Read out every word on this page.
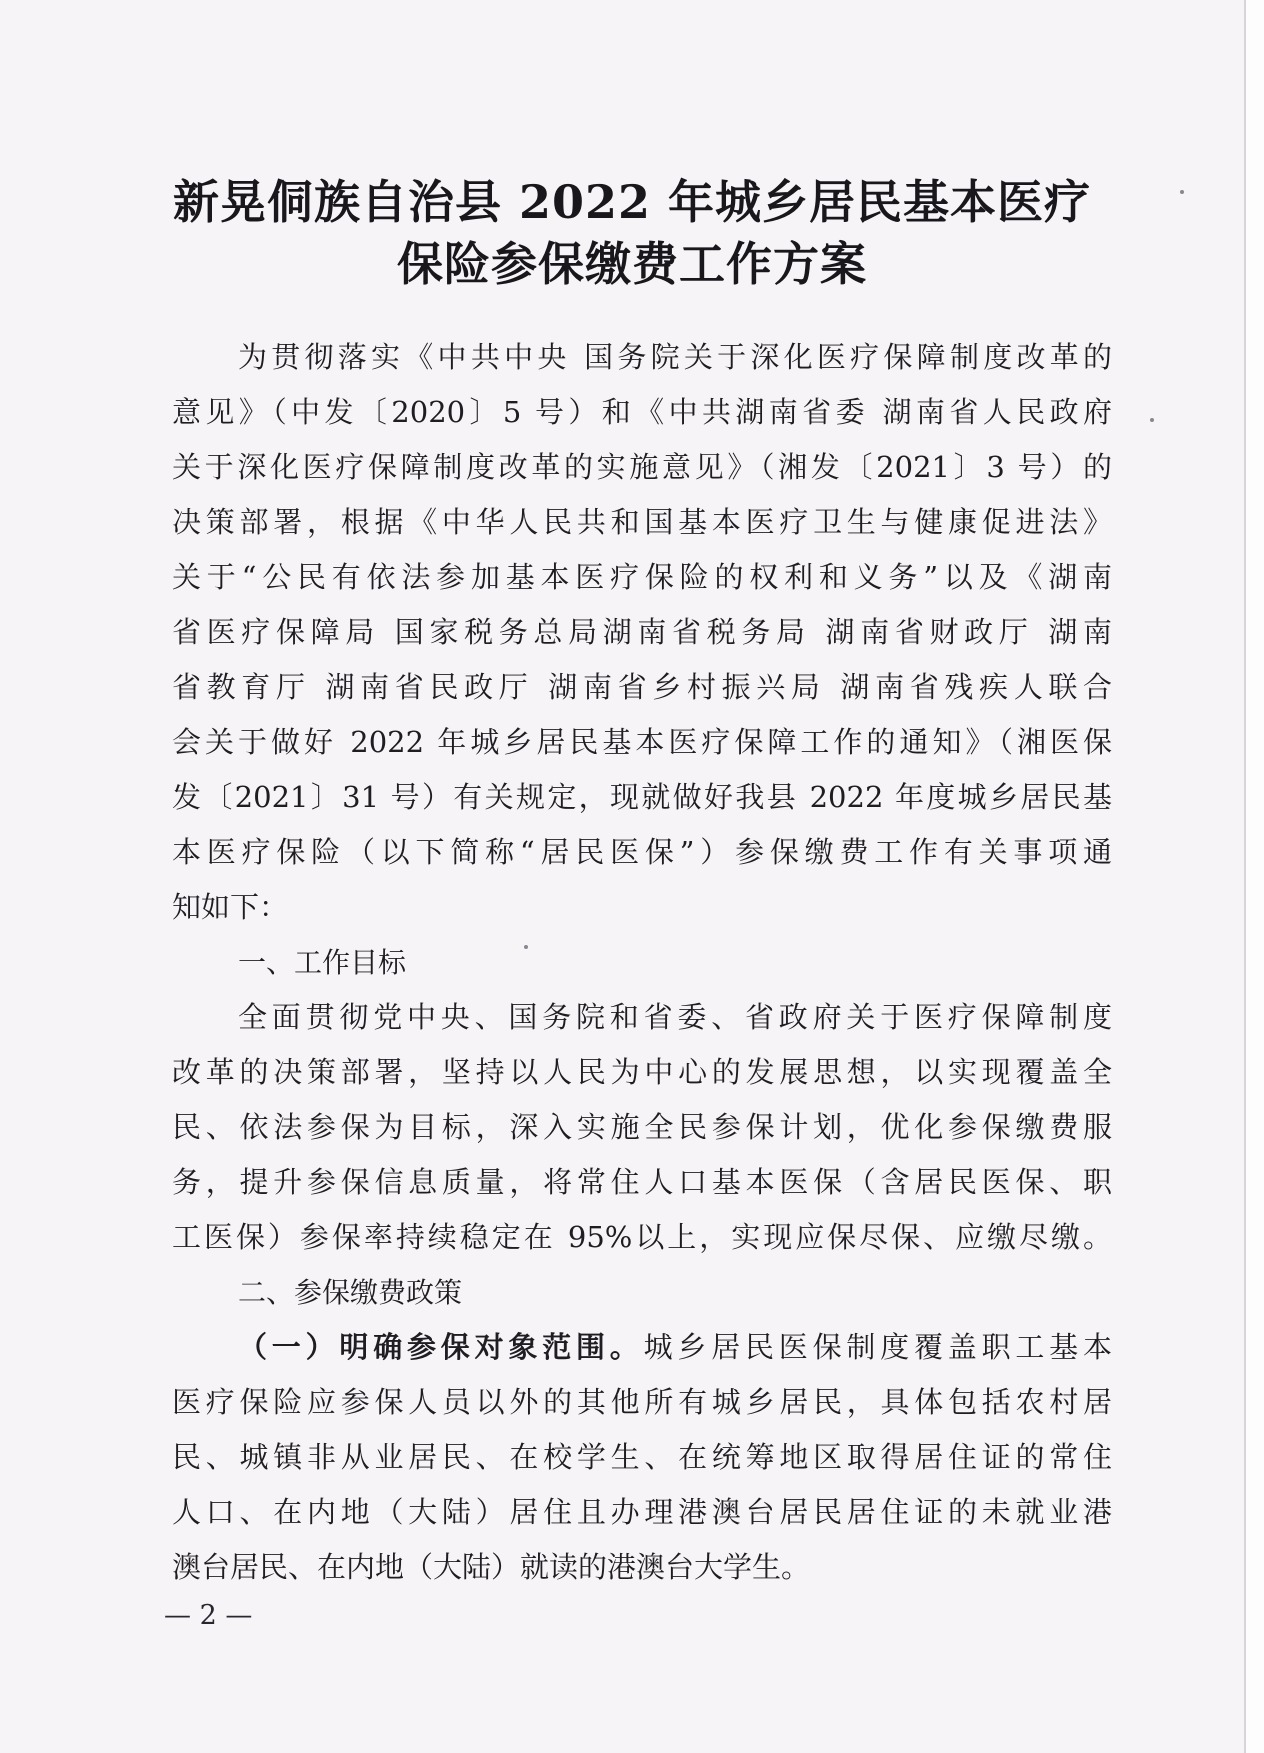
新晃侗族自治县 2022 年城乡居民基本医疗
保险参保缴费工作方案
为贯彻落实《中共中央 国务院关于深化医疗保障制度改革的
意见》（中发〔2020〕5 号）和《中共湖南省委 湖南省人民政府
关于深化医疗保障制度改革的实施意见》（湘发〔2021〕3 号）的
决策部署，根据《中华人民共和国基本医疗卫生与健康促进法》
关于“公民有依法参加基本医疗保险的权利和义务”以及《湖南
省医疗保障局 国家税务总局湖南省税务局 湖南省财政厅 湖南
省教育厅 湖南省民政厅 湖南省乡村振兴局 湖南省残疾人联合
会关于做好 2022 年城乡居民基本医疗保障工作的通知》（湘医保
发〔2021〕31 号）有关规定，现就做好我县 2022 年度城乡居民基
本医疗保险（以下简称“居民医保”）参保缴费工作有关事项通
知如下：
一、工作目标
全面贯彻党中央、国务院和省委、省政府关于医疗保障制度
改革的决策部署，坚持以人民为中心的发展思想，以实现覆盖全
民、依法参保为目标，深入实施全民参保计划，优化参保缴费服
务，提升参保信息质量，将常住人口基本医保（含居民医保、职
工医保）参保率持续稳定在 95%以上，实现应保尽保、应缴尽缴。
二、参保缴费政策
（一）明确参保对象范围。城乡居民医保制度覆盖职工基本
医疗保险应参保人员以外的其他所有城乡居民，具体包括农村居
民、城镇非从业居民、在校学生、在统筹地区取得居住证的常住
人口、在内地（大陆）居住且办理港澳台居民居住证的未就业港
澳台居民、在内地（大陆）就读的港澳台大学生。
— 2 —
